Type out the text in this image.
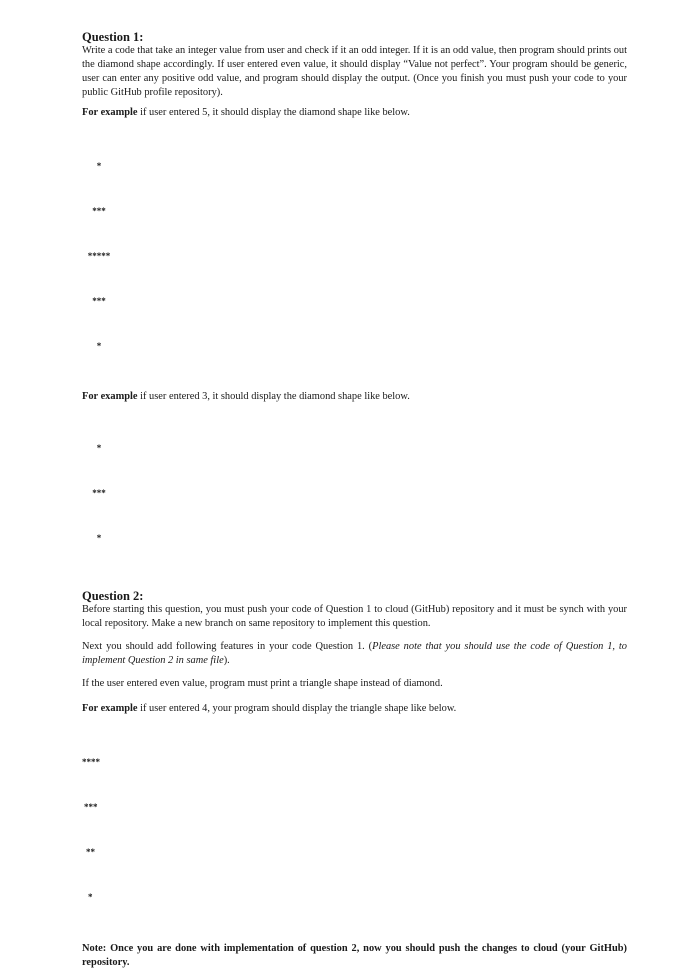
Question 1:
Write a code that take an integer value from user and check if it an odd integer. If it is an odd value, then program should prints out the diamond shape accordingly. If user entered even value, it should display “Value not perfect”. Your program should be generic, user can enter any positive odd value, and program should display the output. (Once you finish you must push your code to your public GitHub profile repository).
For example if user entered 5, it should display the diamond shape like below.

*

***

*****

***

*

For example if user entered 3, it should display the diamond shape like below.

*

***

*

Question 2:
Before starting this question, you must push your code of Question 1 to cloud (GitHub) repository and it must be synch with your local repository. Make a new branch on same repository to implement this question.
Next you should add following features in your code Question 1. (Please note that you should use the code of Question 1, to implement Question 2 in same file).
If the user entered even value, program must print a triangle shape instead of diamond.
For example if user entered 4, your program should display the triangle shape like below.

****

***

**

*

Note: Once you are done with implementation of question 2, now you should push the changes to cloud (your GitHub) repository.
